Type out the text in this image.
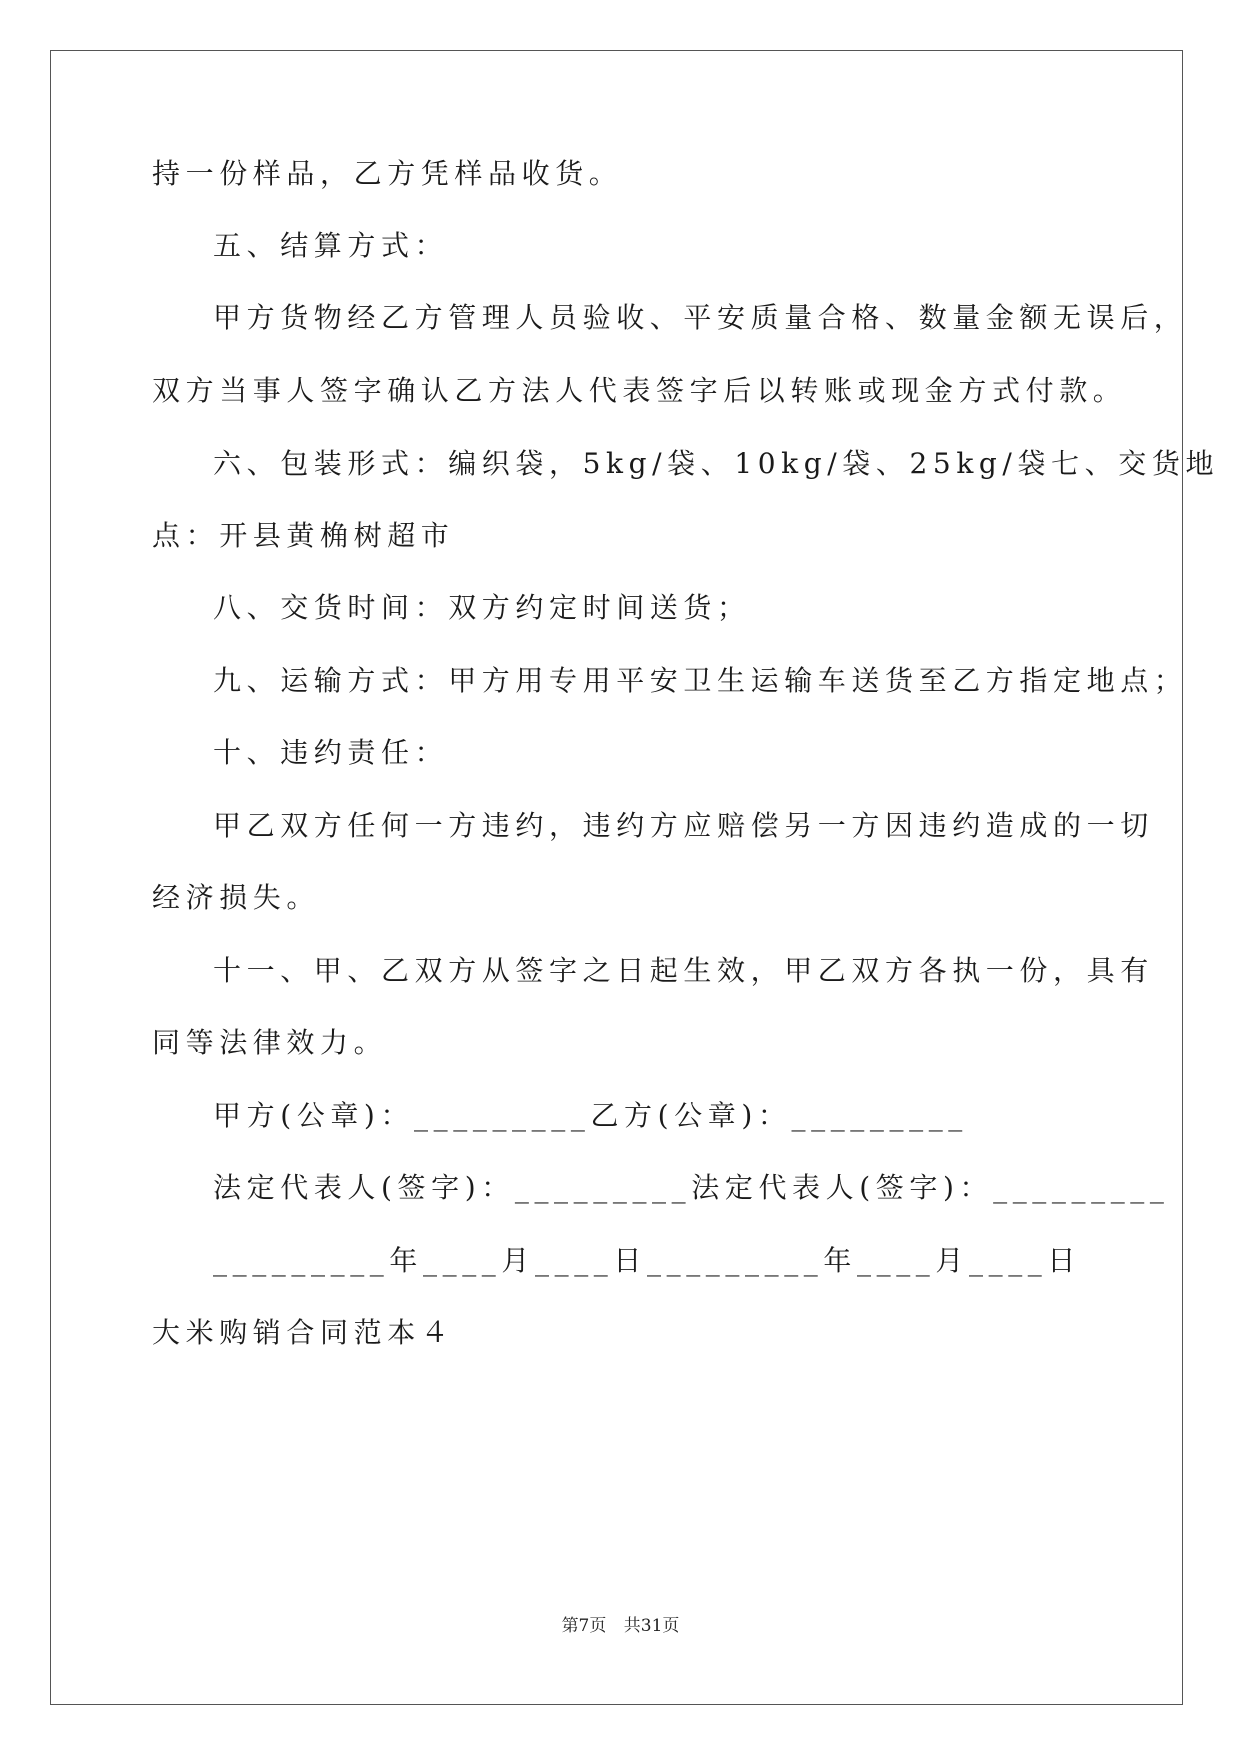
持一份样品，乙方凭样品收货。
五、结算方式：
甲方货物经乙方管理人员验收、平安质量合格、数量金额无误后，
双方当事人签字确认乙方法人代表签字后以转账或现金方式付款。
六、包装形式：编织袋，5kg/袋、10kg/袋、25kg/袋七、交货地
点：开县黄桷树超市
八、交货时间：双方约定时间送货；
九、运输方式：甲方用专用平安卫生运输车送货至乙方指定地点；
十、违约责任：
甲乙双方任何一方违约，违约方应赔偿另一方因违约造成的一切
经济损失。
十一、甲、乙双方从签字之日起生效，甲乙双方各执一份，具有
同等法律效力。
甲方(公章)：_________乙方(公章)：_________
法定代表人(签字)：_________法定代表人(签字)：_________
_________年____月____日_________年____月____日
大米购销合同范本４
第7页 共31页
